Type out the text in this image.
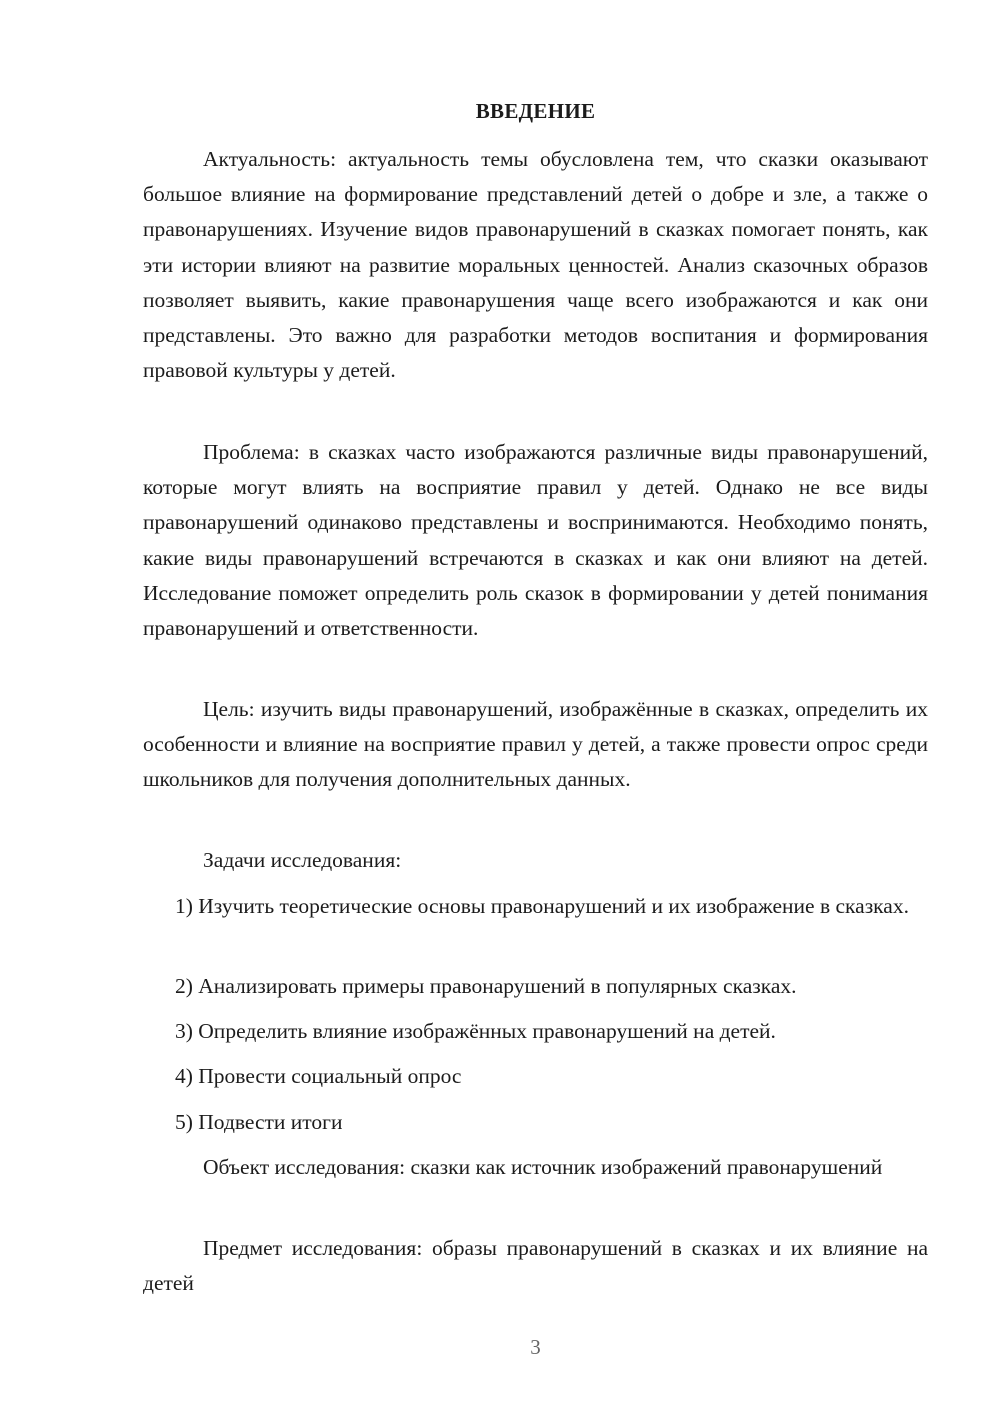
ВВЕДЕНИЕ

Актуальность: актуальность темы обусловлена тем, что сказки оказывают большое влияние на формирование представлений детей о добре и зле, а также о правонарушениях. Изучение видов правонарушений в сказках помогает понять, как эти истории влияют на развитие моральных ценностей. Анализ сказочных образов позволяет выявить, какие правонарушения чаще всего изображаются и как они представлены. Это важно для разработки методов воспитания и формирования правовой культуры у детей.

Проблема: в сказках часто изображаются различные виды правонарушений, которые могут влиять на восприятие правил у детей. Однако не все виды правонарушений одинаково представлены и воспринимаются. Необходимо понять, какие виды правонарушений встречаются в сказках и как они влияют на детей. Исследование поможет определить роль сказок в формировании у детей понимания правонарушений и ответственности.

Цель: изучить виды правонарушений, изображённые в сказках, определить их особенности и влияние на восприятие правил у детей, а также провести опрос среди школьников для получения дополнительных данных.

Задачи исследования:

1) Изучить теоретические основы правонарушений и их изображение в сказках.

2) Анализировать примеры правонарушений в популярных сказках.

3) Определить влияние изображённых правонарушений на детей.

4) Провести социальный опрос

5) Подвести итоги

Объект исследования: сказки как источник изображений правонарушений

Предмет исследования: образы правонарушений в сказках и их влияние на детей

3
